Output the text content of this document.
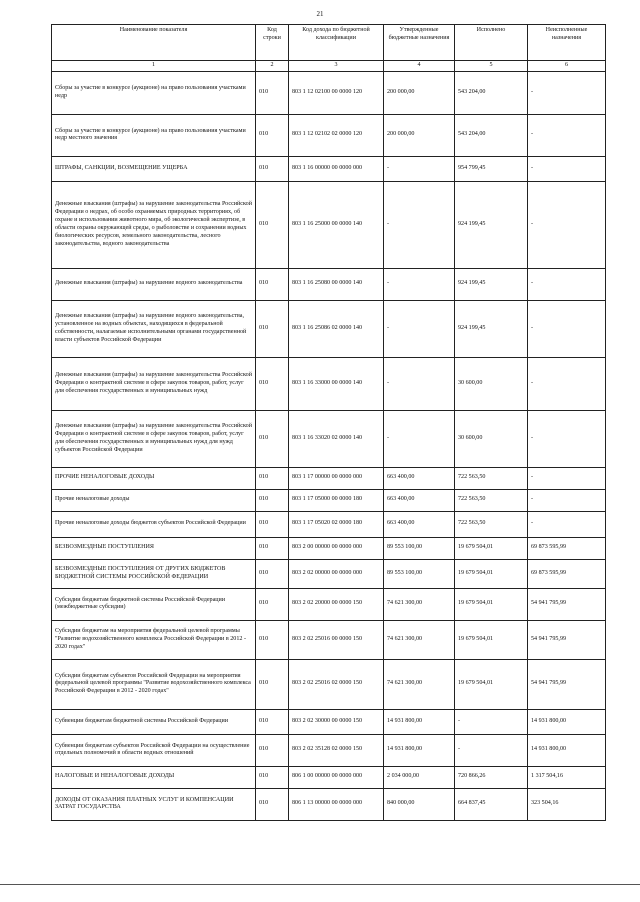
21
Наименование показателя	Код строки	Код дохода по бюджетной классификации	Утвержденные бюджетные назначения	Исполнено	Неисполненные назначения
1	2	3	4	5	6
Сборы за участие в конкурсе (аукционе) на право пользования участками недр	010	803 1 12 02100 00 0000 120	200 000,00	543 204,00	-
Сборы за участие в конкурсе (аукционе) на право пользования участками недр местного значения	010	803 1 12 02102 02 0000 120	200 000,00	543 204,00	-
ШТРАФЫ, САНКЦИИ, ВОЗМЕЩЕНИЕ УЩЕРБА	010	803 1 16 00000 00 0000 000	-	954 799,45	-
Денежные взыскания (штрафы) за нарушение законодательства Российской Федерации о недрах, об особо охраняемых природных территориях, об охране и использовании животного мира, об экологической экспертизе, в области охраны окружающей среды, о рыболовстве и сохранении водных биологических ресурсов, земельного законодательства, лесного законодательства, водного законодательства	010	803 1 16 25000 00 0000 140	-	924 199,45	-
Денежные взыскания (штрафы) за нарушение водного законодательства	010	803 1 16 25080 00 0000 140	-	924 199,45	-
Денежные взыскания (штрафы) за нарушение водного законодательства, установленное на водных объектах, находящихся в федеральной собственности, налагаемые исполнительными органами государственной власти субъектов Российской Федерации	010	803 1 16 25086 02 0000 140	-	924 199,45	-
Денежные взыскания (штрафы) за нарушение законодательства Российской Федерации о контрактной системе в сфере закупок товаров, работ, услуг для обеспечения государственных и муниципальных нужд	010	803 1 16 33000 00 0000 140	-	30 600,00	-
Денежные взыскания (штрафы) за нарушение законодательства Российской Федерации о контрактной системе в сфере закупок товаров, работ, услуг для обеспечения государственных и муниципальных нужд для нужд субъектов Российской Федерации	010	803 1 16 33020 02 0000 140	-	30 600,00	-
ПРОЧИЕ НЕНАЛОГОВЫЕ ДОХОДЫ	010	803 1 17 00000 00 0000 000	663 400,00	722 563,50	-
Прочие неналоговые доходы	010	803 1 17 05000 00 0000 180	663 400,00	722 563,50	-
Прочие неналоговые доходы бюджетов субъектов Российской Федерации	010	803 1 17 05020 02 0000 180	663 400,00	722 563,50	-
БЕЗВОЗМЕЗДНЫЕ ПОСТУПЛЕНИЯ	010	803 2 00 00000 00 0000 000	89 553 100,00	19 679 504,01	69 873 595,99
БЕЗВОЗМЕЗДНЫЕ ПОСТУПЛЕНИЯ ОТ ДРУГИХ БЮДЖЕТОВ БЮДЖЕТНОЙ СИСТЕМЫ РОССИЙСКОЙ ФЕДЕРАЦИИ	010	803 2 02 00000 00 0000 000	89 553 100,00	19 679 504,01	69 873 595,99
Субсидии бюджетам бюджетной системы Российской Федерации (межбюджетные субсидии)	010	803 2 02 20000 00 0000 150	74 621 300,00	19 679 504,01	54 941 795,99
Субсидии бюджетам на мероприятия федеральной целевой программы "Развитие водохозяйственного комплекса Российской Федерации в 2012 - 2020 годах"	010	803 2 02 25016 00 0000 150	74 621 300,00	19 679 504,01	54 941 795,99
Субсидии бюджетам субъектов Российской Федерации на мероприятия федеральной целевой программы "Развитие водохозяйственного комплекса Российской Федерации в 2012 - 2020 годах"	010	803 2 02 25016 02 0000 150	74 621 300,00	19 679 504,01	54 941 795,99
Субвенции бюджетам бюджетной системы Российской Федерации	010	803 2 02 30000 00 0000 150	14 931 800,00	-	14 931 800,00
Субвенции бюджетам субъектов Российской Федерации на осуществление отдельных полномочий в области водных отношений	010	803 2 02 35128 02 0000 150	14 931 800,00	-	14 931 800,00
НАЛОГОВЫЕ И НЕНАЛОГОВЫЕ ДОХОДЫ	010	806 1 00 00000 00 0000 000	2 034 000,00	720 866,26	1 317 504,16
ДОХОДЫ ОТ ОКАЗАНИЯ ПЛАТНЫХ УСЛУГ И КОМПЕНСАЦИИ ЗАТРАТ ГОСУДАРСТВА	010	806 1 13 00000 00 0000 000	840 000,00	664 837,45	323 504,16
